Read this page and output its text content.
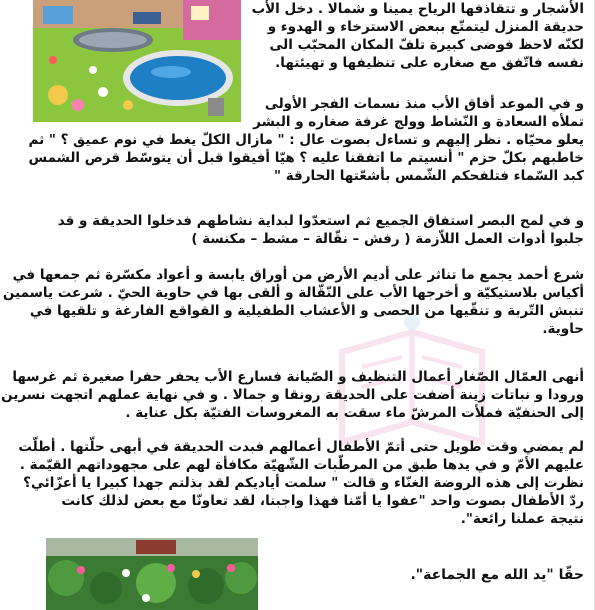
الأشجار و تتقاذفها الرياح يمينا و شمالا . دخل الأب
حديقة المنزل ليتمتّع ببعض الاسترخاء و الهدوء و
لكنّه لاحظ فوضى كبيرة تلفّ المكان المحبّب الى
نفسه فاتّفق مع صغاره على تنظيفها و تهيئتها.
و في الموعد أفاق الأب منذ نسمات الفجر الأولى
تملأه السعادة و النّشاط وولج غرفة صغاره و البشر
يعلو محيّاه . نظر إليهم و تساءل بصوت عال : " مازال الكلّ يغط في نوم عميق ؟ " ثم
خاطبهم بكلّ حزم " أنسيتم ما اتفقنا عليه ؟ هيّا أفيقوا قبل أن يتوسّط قرص الشمس
كبد السّماء فتلفحكم الشّمس بأشعّتها الحارقة "
و في لمح البصر استفاق الجميع ثم استعدّوا لبداية نشاطهم فدخلوا الحديقة و قد
جلبوا أدوات العمل اللاّزمة ( رفش – نقّالة – مشط – مكنسة )
شرع أحمد يجمع ما تناثر على أديم الأرض من أوراق يابسة و أعواد مكسّرة ثم جمعها في
أكياس بلاستيكيّة و أخرجها الأب على النّقّالة و ألقى بها في حاوية الحيّ . شرعت ياسمين
تنبش التّربة و تنقّيها من الحصى و الأعشاب الطفيلية و القواقع الفارغة و تلقيها في
حاوية.
أنهى العمّال الصّغار أعمال التنظيف و الصّيانة فسارع الأب يحفر حفرا صغيرة ثم غرسها
ورودا و نباتات زينة أضفت على الحديقة رونقا و جمالا . و في نهاية عملهم اتجهت نسرين
إلى الحنفيّة فملأت المرشّ ماء سقت به المغروسات الفتيّة بكل عناية .
لم يمضي وقت طويل حتى أتمّ الأطفال أعمالهم فبدت الحديقة في أبهى حلّتها . أطلّت
عليهم الأمّ و في يدها طبق من المرطّبات الشّهيّة مكافأة لهم على مجهوداتهم القيّمة .
نظرت إلى هذه الروضة الغنّاء و قالت " سلمت أياديكم لقد بذلتم جهدا كبيرا يا أعزّائي؟
ردّ الأطفال بصوت واحد "عفوا يا أمّنا فهذا واجبنا، لقد تعاونّا مع بعض لذلك كانت
نتيجة عملنا رائعة".
حقّا "يد الله مع الجماعة".
